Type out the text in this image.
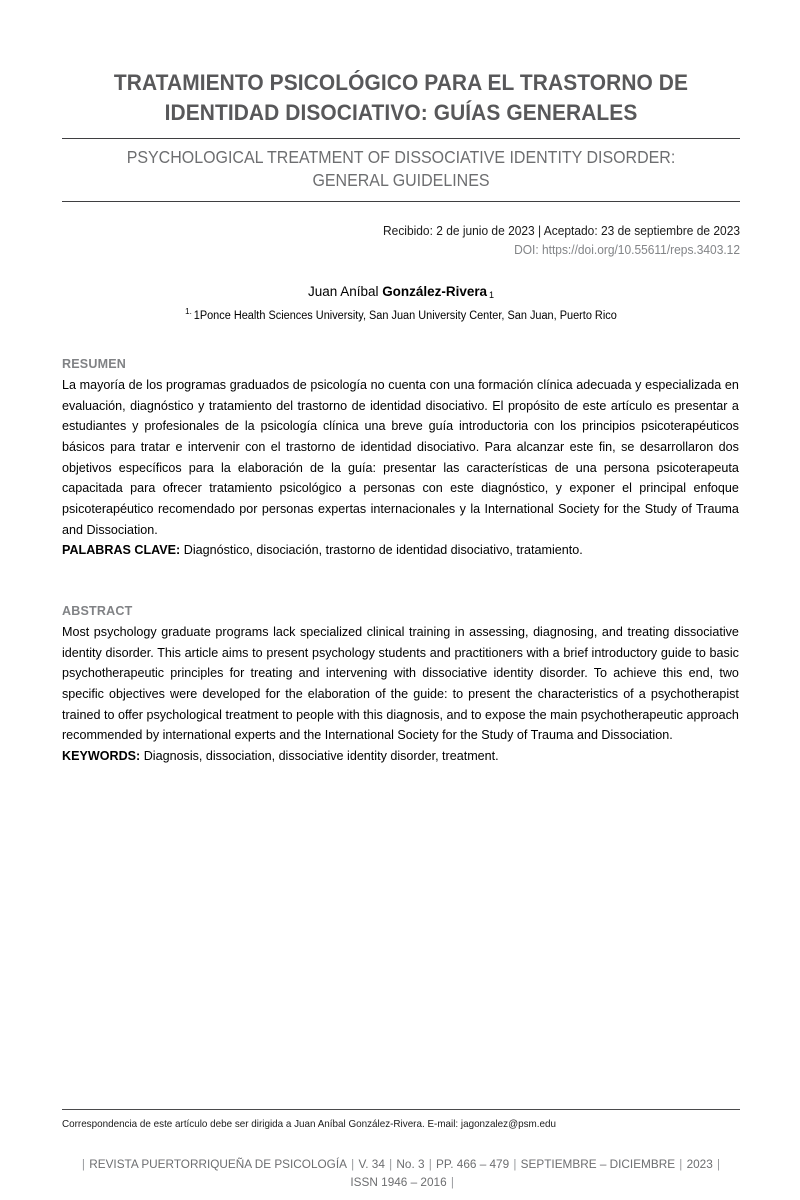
TRATAMIENTO PSICOLÓGICO PARA EL TRASTORNO DE
IDENTIDAD DISOCIATIVO: GUÍAS GENERALES
PSYCHOLOGICAL TREATMENT OF DISSOCIATIVE IDENTITY DISORDER:
GENERAL GUIDELINES
Recibido: 2 de junio de 2023 | Aceptado: 23 de septiembre de 2023
DOI: https://doi.org/10.55611/reps.3403.12
Juan Aníbal González-Rivera 1
$^{1.}$ 1Ponce Health Sciences University, San Juan University Center, San Juan, Puerto Rico
RESUMEN
La mayoría de los programas graduados de psicología no cuenta con una formación clínica adecuada y especializada en evaluación, diagnóstico y tratamiento del trastorno de identidad disociativo. El propósito de este artículo es presentar a estudiantes y profesionales de la psicología clínica una breve guía introductoria con los principios psicoterapéuticos básicos para tratar e intervenir con el trastorno de identidad disociativo. Para alcanzar este fin, se desarrollaron dos objetivos específicos para la elaboración de la guía: presentar las características de una persona psicoterapeuta capacitada para ofrecer tratamiento psicológico a personas con este diagnóstico, y exponer el principal enfoque psicoterapéutico recomendado por personas expertas internacionales y la International Society for the Study of Trauma and Dissociation.
PALABRAS CLAVE: Diagnóstico, disociación, trastorno de identidad disociativo, tratamiento.
ABSTRACT
Most psychology graduate programs lack specialized clinical training in assessing, diagnosing, and treating dissociative identity disorder. This article aims to present psychology students and practitioners with a brief introductory guide to basic psychotherapeutic principles for treating and intervening with dissociative identity disorder. To achieve this end, two specific objectives were developed for the elaboration of the guide: to present the characteristics of a psychotherapist trained to offer psychological treatment to people with this diagnosis, and to expose the main psychotherapeutic approach recommended by international experts and the International Society for the Study of Trauma and Dissociation.
KEYWORDS: Diagnosis, dissociation, dissociative identity disorder, treatment.
Correspondencia de este artículo debe ser dirigida a Juan Aníbal González-Rivera. E-mail: jagonzalez@psm.edu
| REVISTA PUERTORRIQUEÑA DE PSICOLOGÍA | V. 34 | No. 3 | PP. 466 – 479 | SEPTIEMBRE – DICIEMBRE | 2023 | ISSN 1946 – 2016 |
